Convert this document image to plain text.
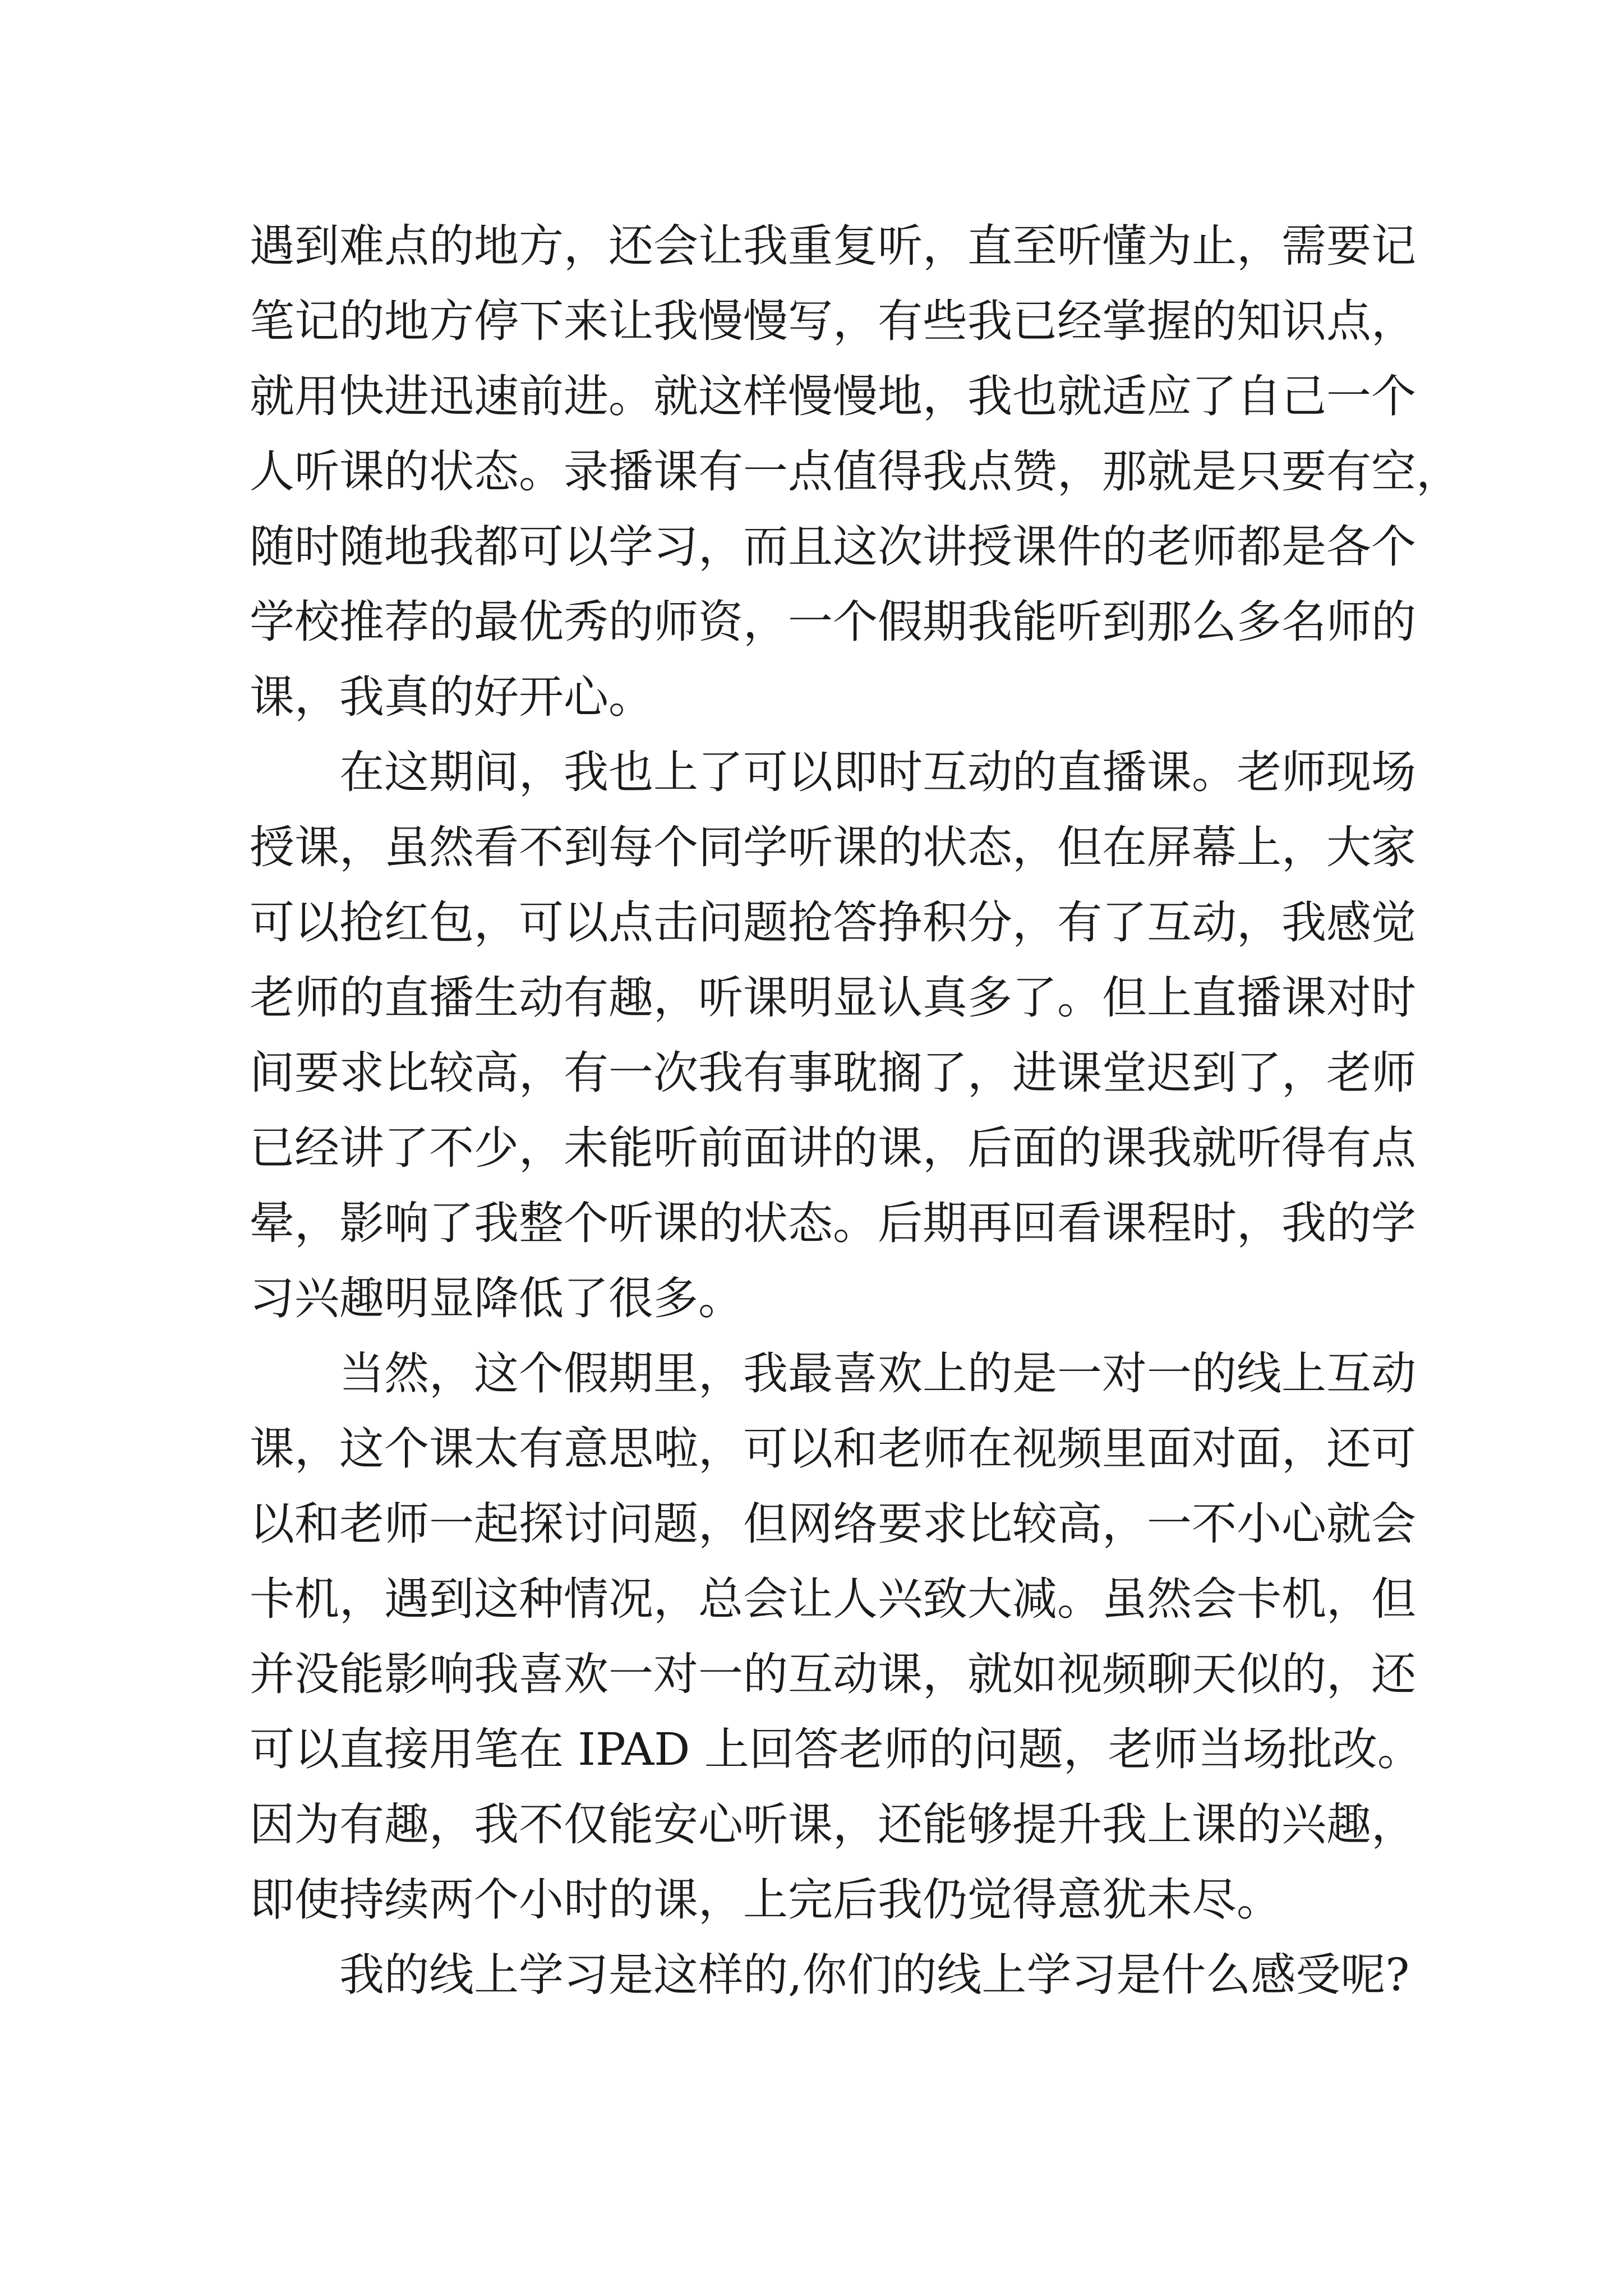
遇到难点的地方，还会让我重复听，直至听懂为止，需要记
笔记的地方停下来让我慢慢写，有些我已经掌握的知识点，
就用快进迅速前进。就这样慢慢地，我也就适应了自己一个
人听课的状态。录播课有一点值得我点赞，那就是只要有空，
随时随地我都可以学习，而且这次讲授课件的老师都是各个
学校推荐的最优秀的师资，一个假期我能听到那么多名师的
课，我真的好开心。
在这期间，我也上了可以即时互动的直播课。老师现场
授课，虽然看不到每个同学听课的状态，但在屏幕上，大家
可以抢红包，可以点击问题抢答挣积分，有了互动，我感觉
老师的直播生动有趣，听课明显认真多了。但上直播课对时
间要求比较高，有一次我有事耽搁了，进课堂迟到了，老师
已经讲了不少，未能听前面讲的课，后面的课我就听得有点
晕，影响了我整个听课的状态。后期再回看课程时，我的学
习兴趣明显降低了很多。
当然，这个假期里，我最喜欢上的是一对一的线上互动
课，这个课太有意思啦，可以和老师在视频里面对面，还可
以和老师一起探讨问题，但网络要求比较高，一不小心就会
卡机，遇到这种情况，总会让人兴致大减。虽然会卡机，但
并没能影响我喜欢一对一的互动课，就如视频聊天似的，还
可以直接用笔在 IPAD 上回答老师的问题，老师当场批改。
因为有趣，我不仅能安心听课，还能够提升我上课的兴趣，
即使持续两个小时的课，上完后我仍觉得意犹未尽。
我的线上学习是这样的,你们的线上学习是什么感受呢?
